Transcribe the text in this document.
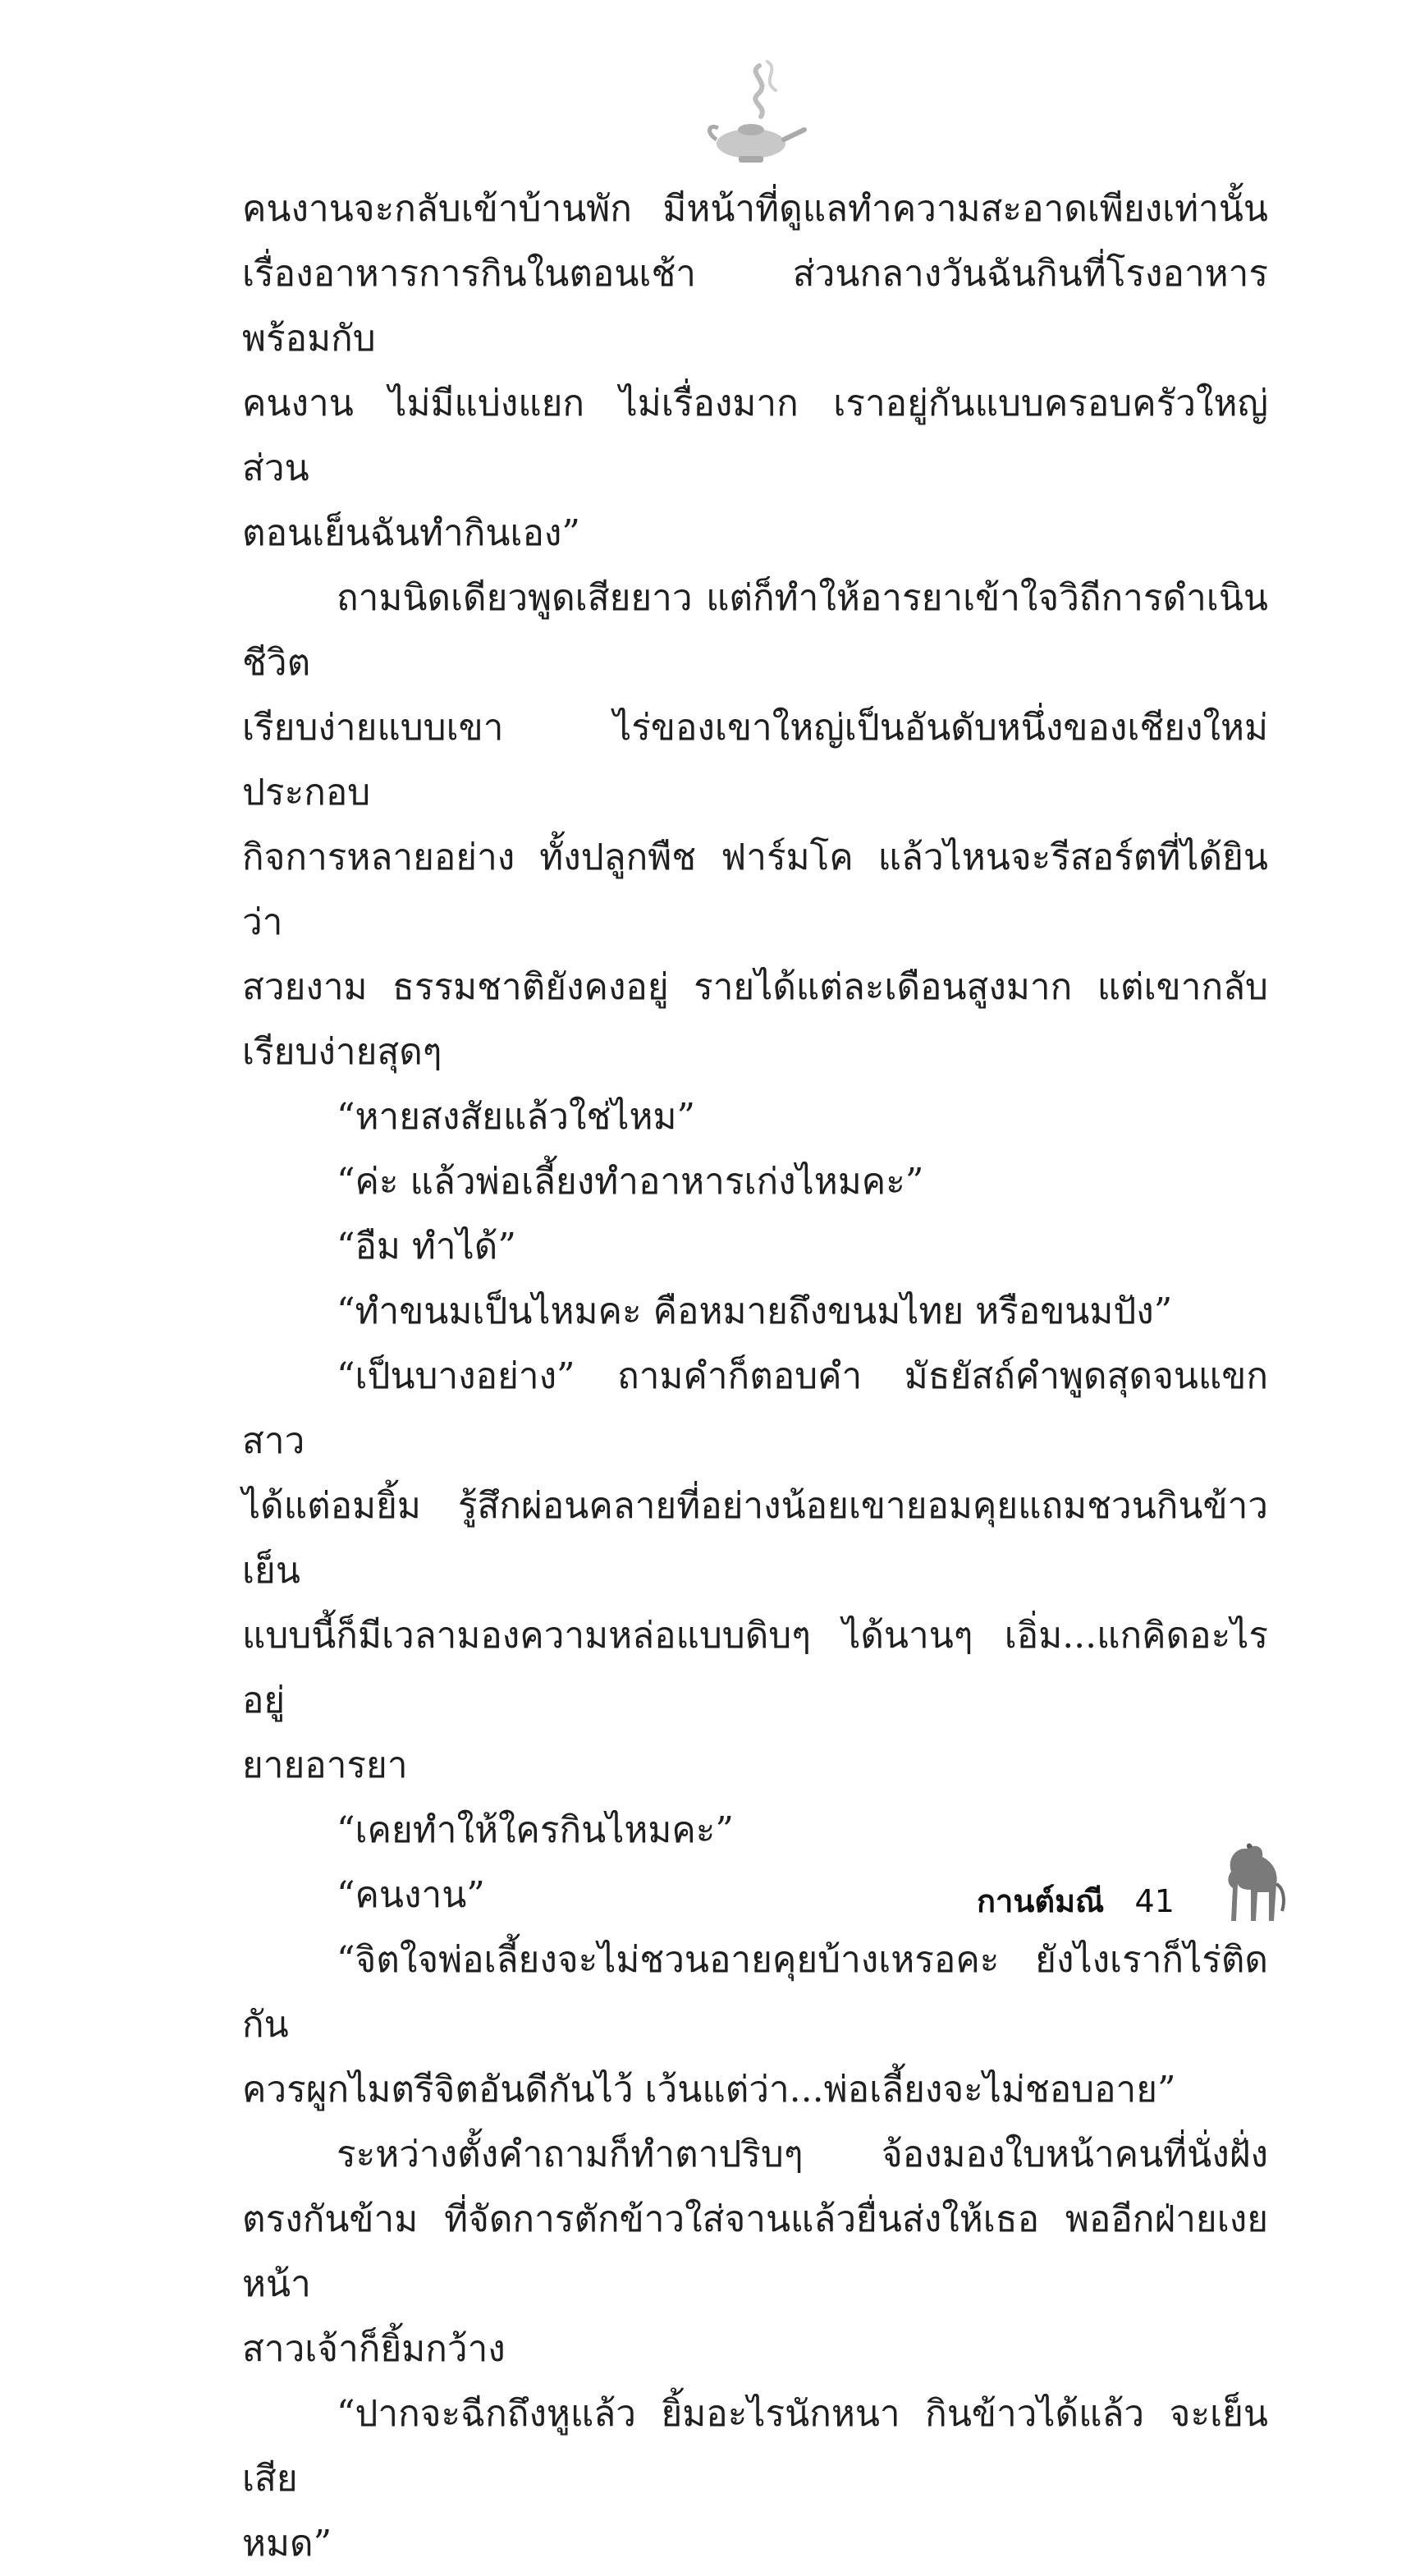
คนงานจะกลับเข้าบ้านพัก มีหน้าที่ดูแลทำความสะอาดเพียงเท่านั้น
เรื่องอาหารการกินในตอนเช้า ส่วนกลางวันฉันกินที่โรงอาหารพร้อมกับ
คนงาน ไม่มีแบ่งแยก ไม่เรื่องมาก เราอยู่กันแบบครอบครัวใหญ่ ส่วน
ตอนเย็นฉันทำกินเอง”

ถามนิดเดียวพูดเสียยาว แต่ก็ทำให้อารยาเข้าใจวิถีการดำเนินชีวิต
เรียบง่ายแบบเขา ไร่ของเขาใหญ่เป็นอันดับหนึ่งของเชียงใหม่ ประกอบ
กิจการหลายอย่าง ทั้งปลูกพืช ฟาร์มโค แล้วไหนจะรีสอร์ตที่ได้ยินว่า
สวยงาม ธรรมชาติยังคงอยู่ รายได้แต่ละเดือนสูงมาก แต่เขากลับ
เรียบง่ายสุดๆ

“หายสงสัยแล้วใช่ไหม”

“ค่ะ แล้วพ่อเลี้ยงทำอาหารเก่งไหมคะ”

“อืม ทำได้”

“ทำขนมเป็นไหมคะ คือหมายถึงขนมไทย หรือขนมปัง”

“เป็นบางอย่าง” ถามคำก็ตอบคำ มัธยัสถ์คำพูดสุดจนแขกสาว
ได้แต่อมยิ้ม รู้สึกผ่อนคลายที่อย่างน้อยเขายอมคุยแถมชวนกินข้าวเย็น
แบบนี้ก็มีเวลามองความหล่อแบบดิบๆ ได้นานๆ เอิ่ม...แกคิดอะไรอยู่
ยายอารยา

“เคยทำให้ใครกินไหมคะ”

“คนงาน”

“จิตใจพ่อเลี้ยงจะไม่ชวนอายคุยบ้างเหรอคะ ยังไงเราก็ไร่ติดกัน
ควรผูกไมตรีจิตอันดีกันไว้ เว้นแต่ว่า...พ่อเลี้ยงจะไม่ชอบอาย”

ระหว่างตั้งคำถามก็ทำตาปริบๆ จ้องมองใบหน้าคนที่นั่งฝั่ง
ตรงกันข้าม ที่จัดการตักข้าวใส่จานแล้วยื่นส่งให้เธอ พออีกฝ่ายเงยหน้า
สาวเจ้าก็ยิ้มกว้าง

“ปากจะฉีกถึงหูแล้ว ยิ้มอะไรนักหนา กินข้าวได้แล้ว จะเย็นเสีย
หมด”

กานต์มณี 41
